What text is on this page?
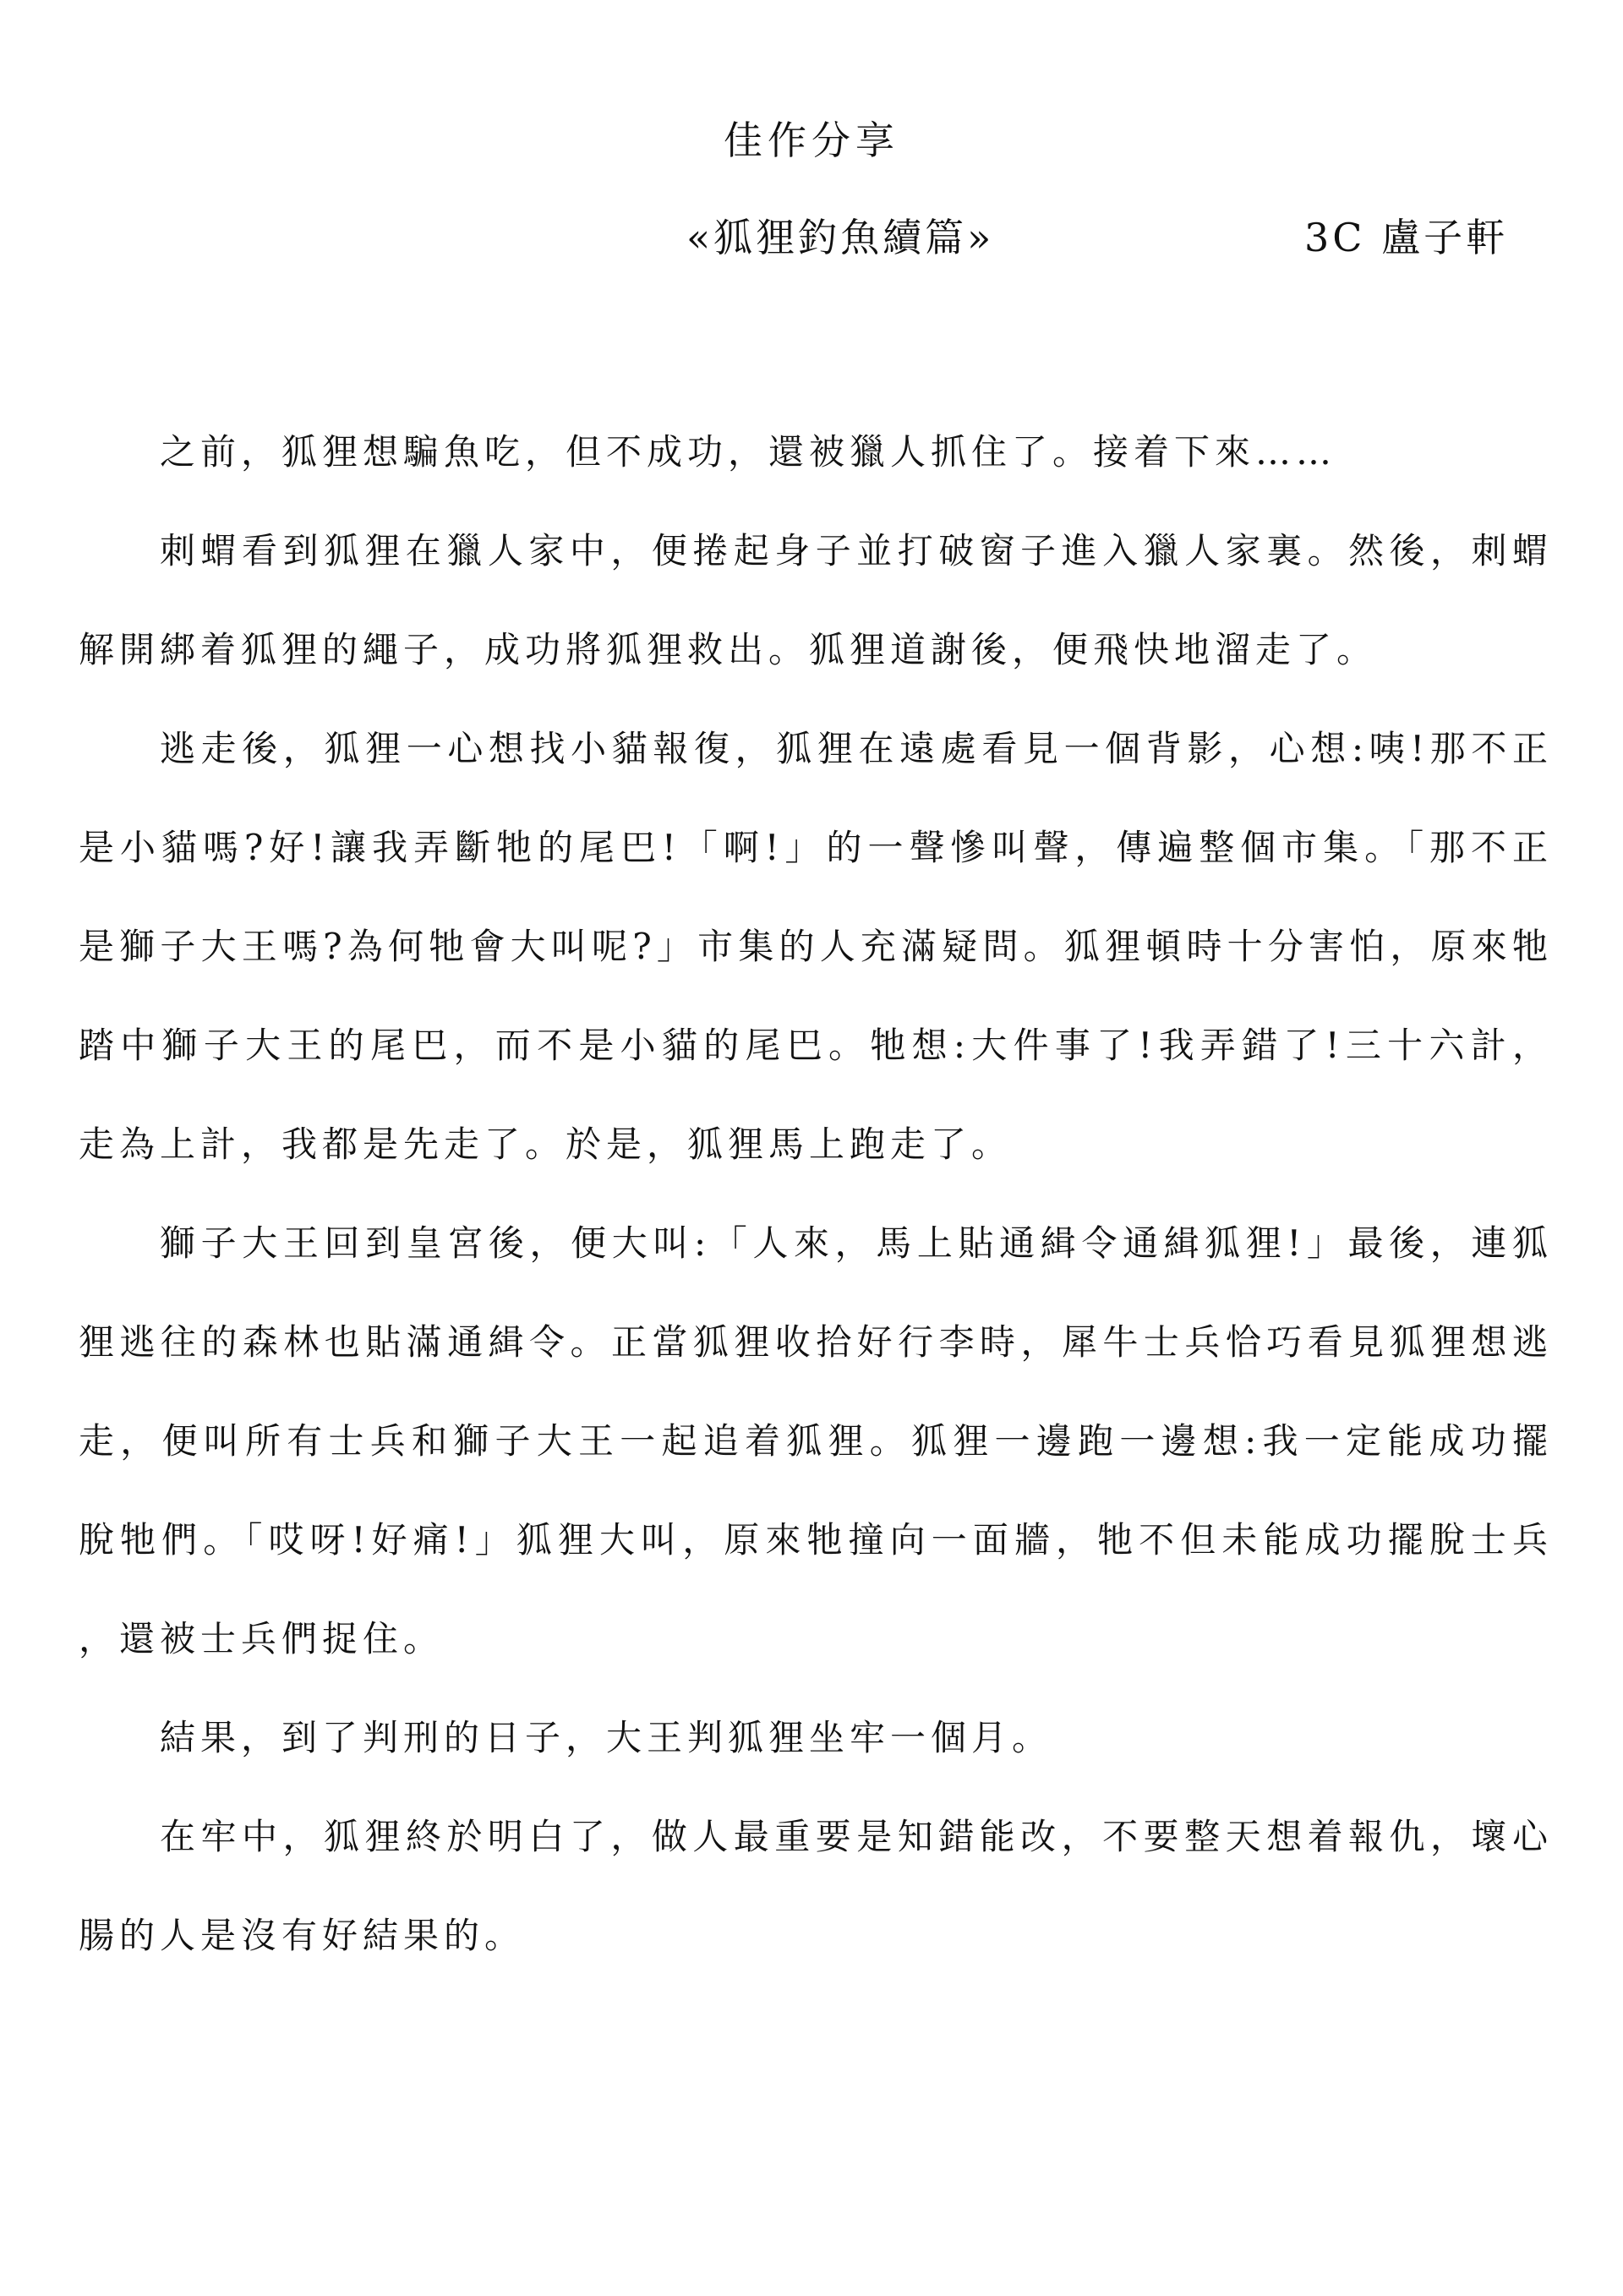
佳作分享
«狐狸釣魚續篇»	3C 盧子軒

之前，狐狸想騙魚吃，但不成功，還被獵人抓住了。接着下來……

刺蝟看到狐狸在獵人家中，便捲起身子並打破窗子進入獵人家裏。然後，刺蝟解開綁着狐狸的繩子，成功將狐狸救出。狐狸道謝後，便飛快地溜走了。

逃走後，狐狸一心想找小貓報復，狐狸在遠處看見一個背影，心想:咦!那不正是小貓嗎?好!讓我弄斷牠的尾巴!「啊!」的一聲慘叫聲，傳遍整個市集。「那不正是獅子大王嗎?為何牠會大叫呢?」市集的人充滿疑問。狐狸頓時十分害怕，原來牠踏中獅子大王的尾巴，而不是小貓的尾巴。牠想:大件事了!我弄錯了!三十六計，走為上計，我都是先走了。於是，狐狸馬上跑走了。

獅子大王回到皇宮後，便大叫:「人來，馬上貼通緝令通緝狐狸!」最後，連狐狸逃往的森林也貼滿通緝令。正當狐狸收拾好行李時，犀牛士兵恰巧看見狐狸想逃走，便叫所有士兵和獅子大王一起追着狐狸。狐狸一邊跑一邊想:我一定能成功擺脫牠們。「哎呀!好痛!」狐狸大叫，原來牠撞向一面牆，牠不但未能成功擺脫士兵，還被士兵們捉住。

結果，到了判刑的日子，大王判狐狸坐牢一個月。

在牢中，狐狸終於明白了，做人最重要是知錯能改，不要整天想着報仇，壞心腸的人是沒有好結果的。
